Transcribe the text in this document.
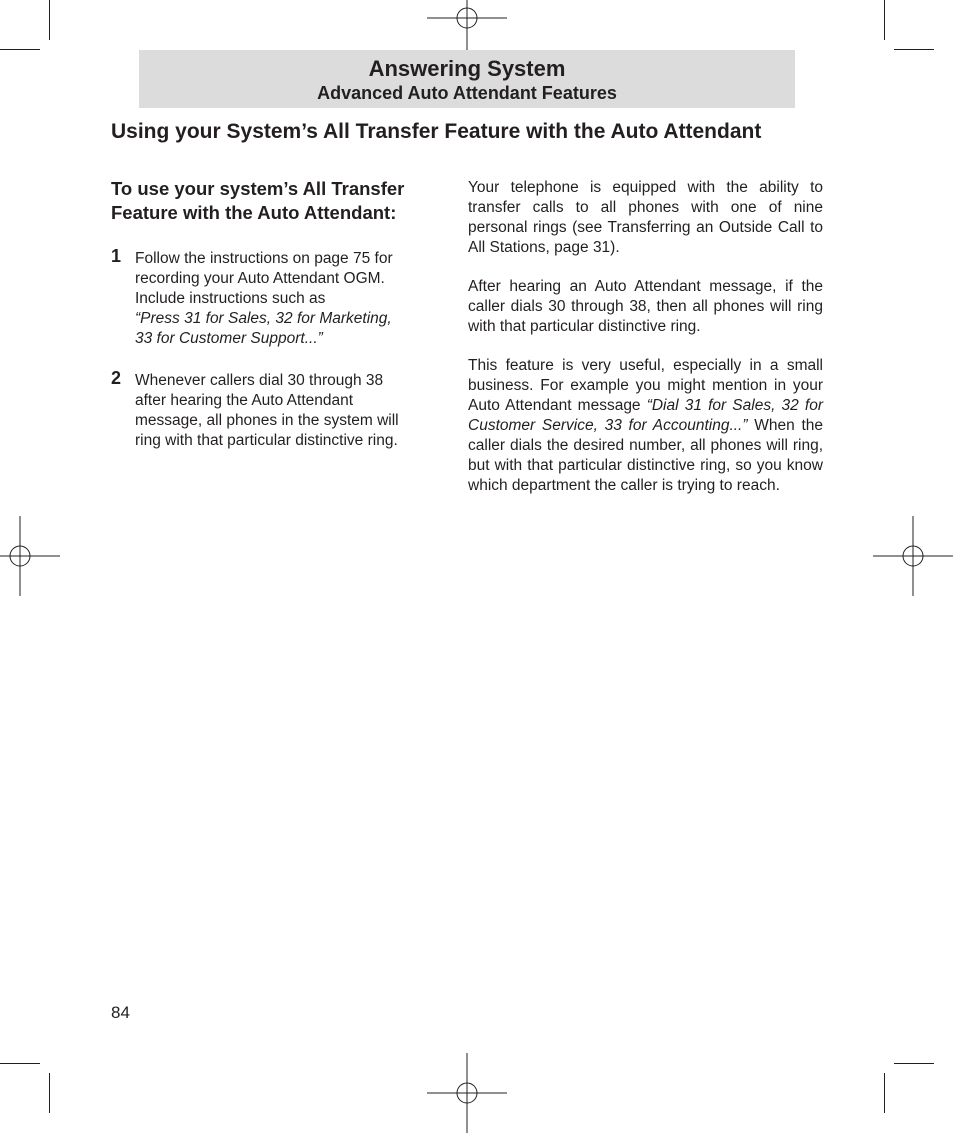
Answering System
Advanced Auto Attendant Features
Using your System’s All Transfer Feature with the Auto Attendant
To use your system’s All Transfer Feature with the Auto Attendant:
1 Follow the instructions on page 75 for recording your Auto Attendant OGM. Include instructions such as
“Press 31 for Sales, 32 for Marketing, 33 for Customer Support...”
2 Whenever callers dial 30 through 38 after hearing the Auto Attendant message, all phones in the system will ring with that particular distinctive ring.

Your telephone is equipped with the ability to transfer calls to all phones with one of nine personal rings (see Transferring an Outside Call to All Stations, page 31).

After hearing an Auto Attendant message, if the caller dials 30 through 38, then all phones will ring with that particular distinctive ring.

This feature is very useful, especially in a small business. For example you might mention in your Auto Attendant message “Dial 31 for Sales, 32 for Customer Service, 33 for Accounting...” When the caller dials the desired number, all phones will ring, but with that particular distinctive ring, so you know which department the caller is trying to reach.

84
